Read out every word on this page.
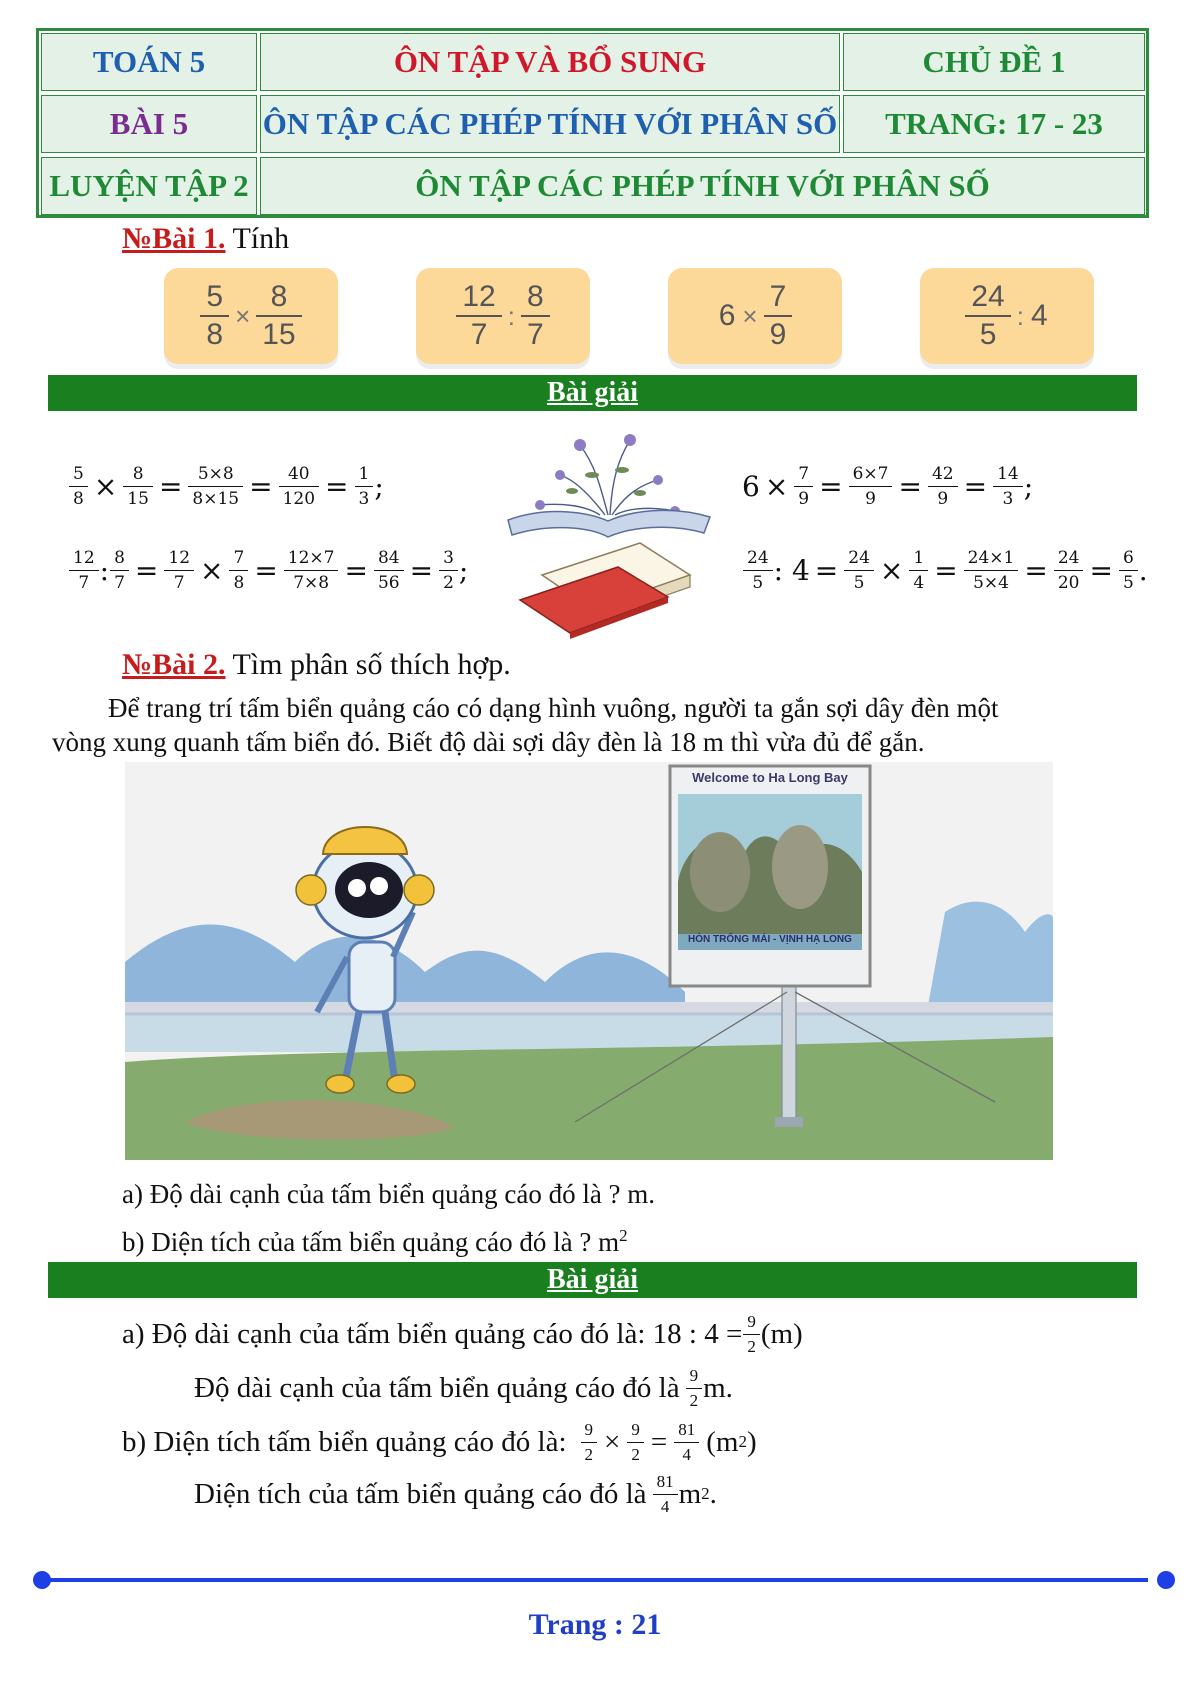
TOÁN 5	ÔN TẬP VÀ BỔ SUNG	CHỦ ĐỀ 1
BÀI 5	ÔN TẬP CÁC PHÉP TÍNH VỚI PHÂN SỐ	TRANG: 17 - 23
LUYỆN TẬP 2	ÔN TẬP CÁC PHÉP TÍNH VỚI PHÂN SỐ
№Bài 1. Tính
5
8
×
8
15
12
7
:
8
7
6 ×
7
9
24
5
: 4
Bài giải
5
8 × 8
15 = 5×8
8×15 = 40
120 = 1
3 ;
12
7 : 8
7 = 12
7 × 7
8 = 12×7
7×8 = 84
56 = 3
2 ;
6 × 7
9 = 6×7
9 = 42
9 = 14
3 ;
24
5 : 4 = 24
5 × 1
4 = 24×1
5×4 = 24
20 = 6
5 .
№Bài 2. Tìm phân số thích hợp.
Để trang trí tấm biển quảng cáo có dạng hình vuông, người ta gắn sợi dây đèn một
vòng xung quanh tấm biển đó. Biết độ dài sợi dây đèn là 18 m thì vừa đủ để gắn.
Welcome to Ha Long Bay
HÒN TRỐNG MÁI - VỊNH HẠ LONG
a) Độ dài cạnh của tấm biển quảng cáo đó là ? m.
b) Diện tích của tấm biển quảng cáo đó là ? $m^2$
Bài giải
a) Độ dài cạnh của tấm biển quảng cáo đó là: 18 : 4 = 9
2 (m)
Độ dài cạnh của tấm biển quảng cáo đó là 9
2 m.
b) Diện tích tấm biển quảng cáo đó là: 9
2 × 9
2 = 81
4 (m 2 )
Diện tích của tấm biển quảng cáo đó là 81
4 m 2 .
Trang : 21
